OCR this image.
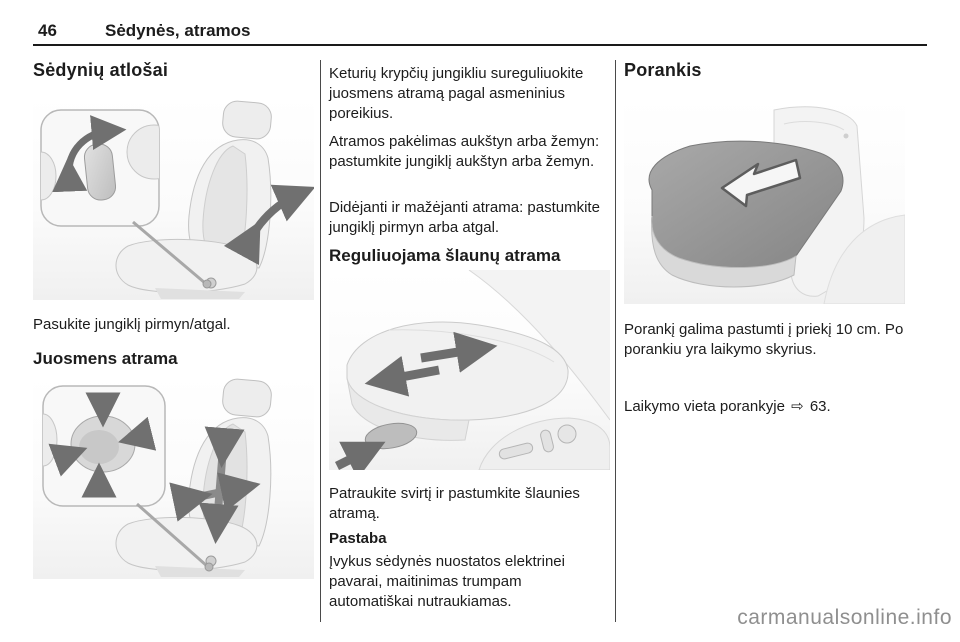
46	Sėdynės, atramos
Sėdynių atlošai

Pasukite jungiklį pirmyn/atgal.

Juosmens atrama

Keturių krypčių jungikliu sureguliuokite juosmens atramą pagal asmeninius poreikius.

Atramos pakėlimas aukštyn arba žemyn: pastumkite jungiklį aukštyn arba žemyn.

Didėjanti ir mažėjanti atrama: pastumkite jungiklį pirmyn arba atgal.

Reguliuojama šlaunų atrama

Patraukite svirtį ir pastumkite šlaunies atramą.

Pastaba

Įvykus sėdynės nuostatos elektrinei pavarai, maitinimas trumpam automatiškai nutraukiamas.

Porankis

Porankį galima pastumti į priekį 10 cm. Po porankiu yra laikymo skyrius.

Laikymo vieta porankyje ⇨ 63.

carmanualsonline.info
